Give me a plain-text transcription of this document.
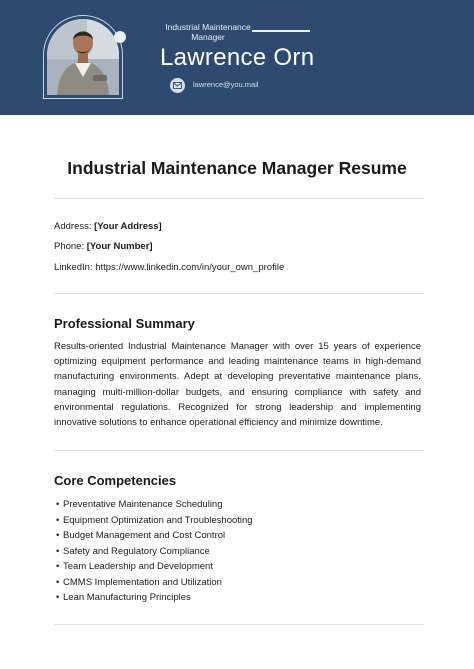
Industrial Maintenance Manager
Lawrence Orn
lawrence@you.mail
Industrial Maintenance Manager Resume
Address: [Your Address]
Phone: [Your Number]
LinkedIn: https://www.linkedin.com/in/your_own_profile
Professional Summary
Results-oriented Industrial Maintenance Manager with over 15 years of experience optimizing equipment performance and leading maintenance teams in high-demand manufacturing environments. Adept at developing preventative maintenance plans, managing multi-million-dollar budgets, and ensuring compliance with safety and environmental regulations. Recognized for strong leadership and implementing innovative solutions to enhance operational efficiency and minimize downtime.
Core Competencies
• Preventative Maintenance Scheduling
• Equipment Optimization and Troubleshooting
• Budget Management and Cost Control
• Safety and Regulatory Compliance
• Team Leadership and Development
• CMMS Implementation and Utilization
• Lean Manufacturing Principles
